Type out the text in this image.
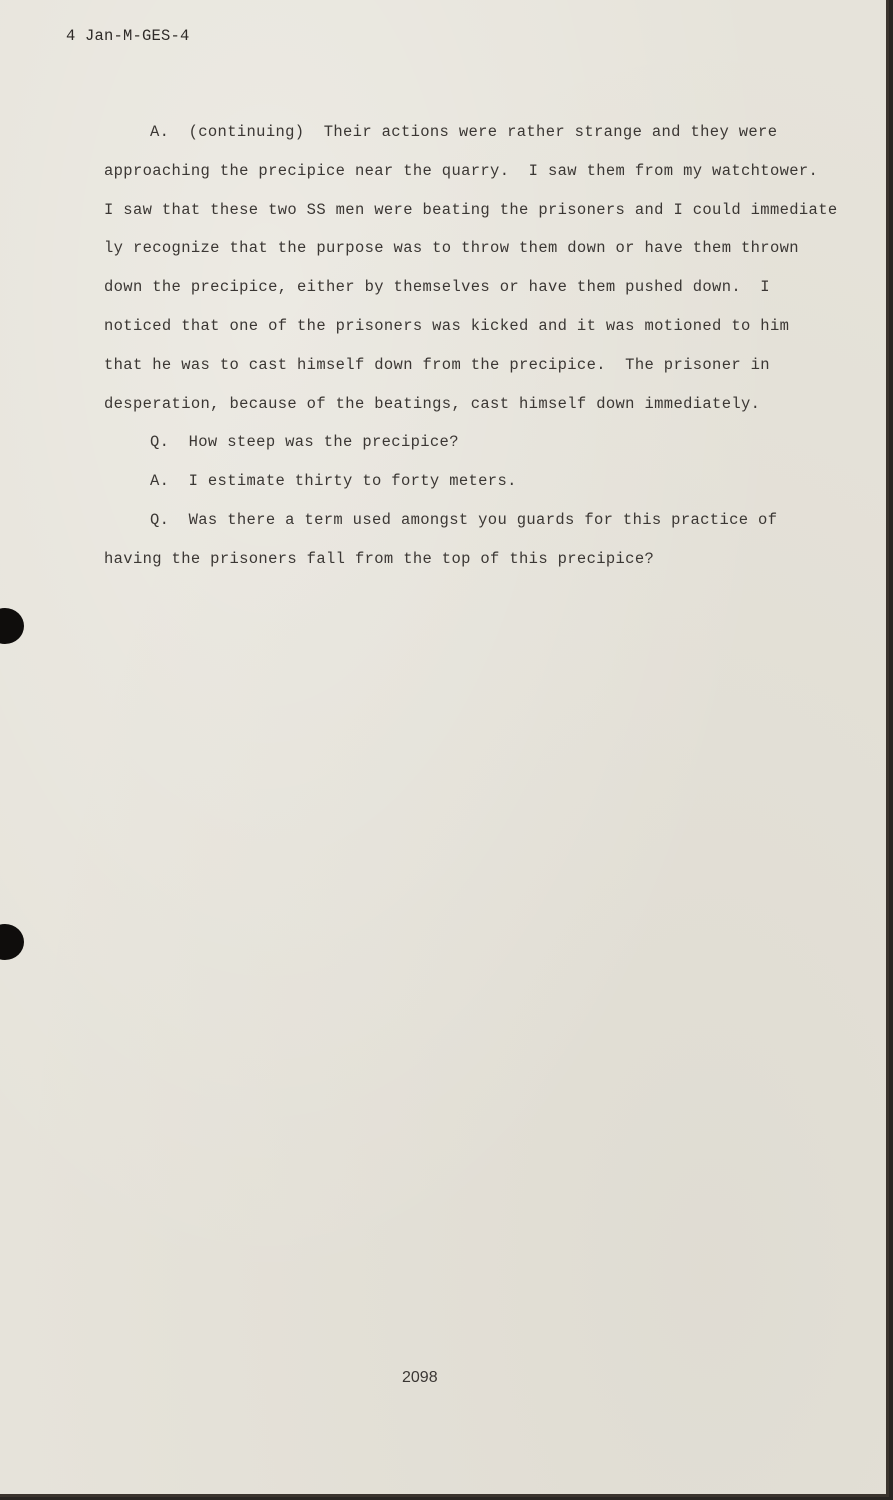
4 Jan-M-GES-4
A.  (continuing)  Their actions were rather strange and they were
approaching the precipice near the quarry.  I saw them from my watchtower.
I saw that these two SS men were beating the prisoners and I could immediate
ly recognize that the purpose was to throw them down or have them thrown
down the precipice, either by themselves or have them pushed down.  I
noticed that one of the prisoners was kicked and it was motioned to him
that he was to cast himself down from the precipice.  The prisoner in
desperation, because of the beatings, cast himself down immediately.
Q.  How steep was the precipice?
A.  I estimate thirty to forty meters.
Q.  Was there a term used amongst you guards for this practice of
having the prisoners fall from the top of this precipice?
2098
